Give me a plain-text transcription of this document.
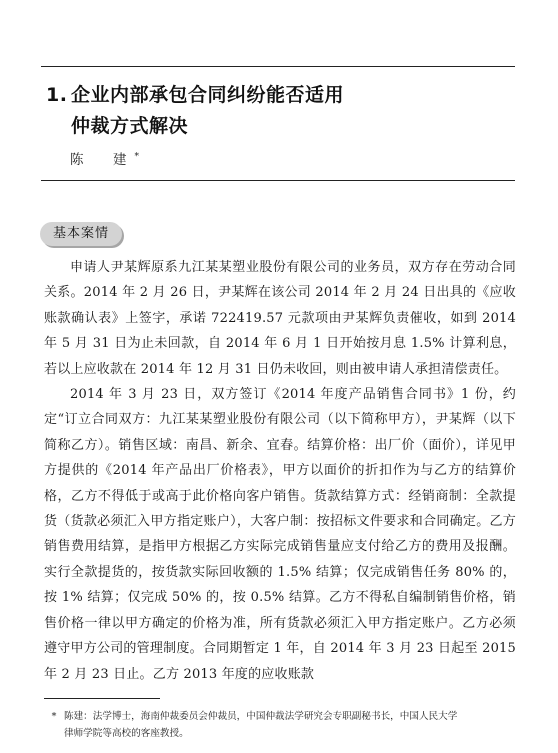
1. 企业内部承包合同纠纷能否适用
仲裁方式解决
陈　建*
基本案情

申请人尹某辉原系九江某某塑业股份有限公司的业务员，双方存在劳动合同关系。2014 年 2 月 26 日，尹某辉在该公司 2014 年 2 月 24 日出具的《应收账款确认表》上签字，承诺 722419.57 元款项由尹某辉负责催收，如到 2014 年 5 月 31 日为止未回款，自 2014 年 6 月 1 日开始按月息 1.5% 计算利息，若以上应收款在 2014 年 12 月 31 日仍未收回，则由被申请人承担清偿责任。

2014 年 3 月 23 日，双方签订《2014 年度产品销售合同书》1 份，约定“订立合同双方：九江某某塑业股份有限公司（以下简称甲方），尹某辉（以下简称乙方）。销售区域：南昌、新余、宜春。结算价格：出厂价（面价），详见甲方提供的《2014 年产品出厂价格表》，甲方以面价的折扣作为与乙方的结算价格，乙方不得低于或高于此价格向客户销售。货款结算方式：经销商制：全款提货（货款必须汇入甲方指定账户），大客户制：按招标文件要求和合同确定。乙方销售费用结算，是指甲方根据乙方实际完成销售量应支付给乙方的费用及报酬。实行全款提货的，按货款实际回收额的 1.5% 结算；仅完成销售任务 80% 的，按 1% 结算；仅完成 50% 的，按 0.5% 结算。乙方不得私自编制销售价格，销售价格一律以甲方确定的价格为准，所有货款必须汇入甲方指定账户。乙方必须遵守甲方公司的管理制度。合同期暂定 1 年，自 2014 年 3 月 23 日起至 2015 年 2 月 23 日止。乙方 2013 年度的应收账款

* 陈建：法学博士，海南仲裁委员会仲裁员，中国仲裁法学研究会专职副秘书长，中国人民大学
律师学院等高校的客座教授。
